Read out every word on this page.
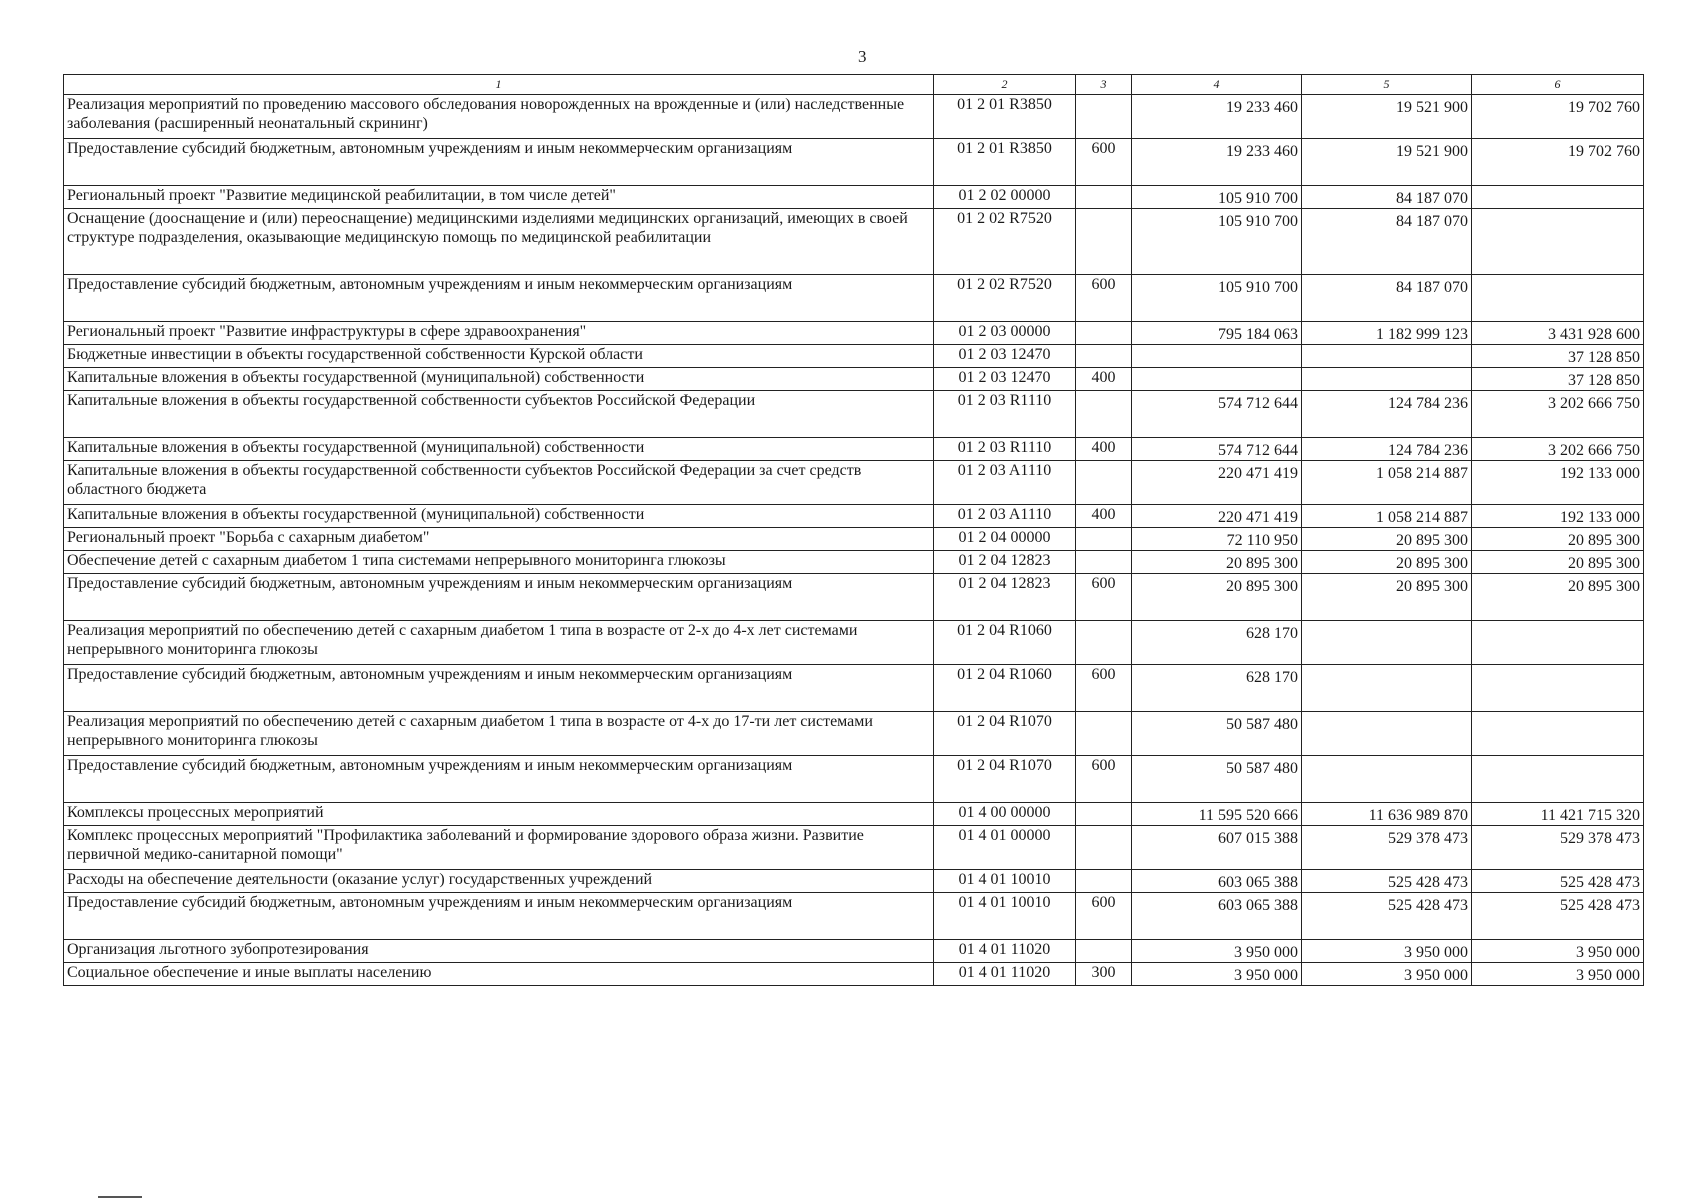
3
1	2	3	4	5	6
Реализация мероприятий по проведению массового обследования новорожденных на врожденные и (или) наследственные заболевания (расширенный неонатальный скрининг)	01 2 01 R3850		19 233 460	19 521 900	19 702 760
Предоставление субсидий бюджетным, автономным учреждениям и иным некоммерческим организациям	01 2 01 R3850	600	19 233 460	19 521 900	19 702 760
Региональный проект "Развитие медицинской реабилитации, в том числе детей"	01 2 02 00000		105 910 700	84 187 070	
Оснащение (дооснащение и (или) переоснащение) медицинскими изделиями медицинских организаций, имеющих в своей структуре подразделения, оказывающие медицинскую помощь по медицинской реабилитации	01 2 02 R7520		105 910 700	84 187 070	
Предоставление субсидий бюджетным, автономным учреждениям и иным некоммерческим организациям	01 2 02 R7520	600	105 910 700	84 187 070	
Региональный проект "Развитие инфраструктуры в сфере здравоохранения"	01 2 03 00000		795 184 063	1 182 999 123	3 431 928 600
Бюджетные инвестиции в объекты государственной собственности Курской области	01 2 03 12470				37 128 850
Капитальные вложения в объекты государственной (муниципальной) собственности	01 2 03 12470	400			37 128 850
Капитальные вложения в объекты государственной собственности субъектов Российской Федерации	01 2 03 R1110		574 712 644	124 784 236	3 202 666 750
Капитальные вложения в объекты государственной (муниципальной) собственности	01 2 03 R1110	400	574 712 644	124 784 236	3 202 666 750
Капитальные вложения в объекты государственной собственности субъектов Российской Федерации за счет средств областного бюджета	01 2 03 A1110		220 471 419	1 058 214 887	192 133 000
Капитальные вложения в объекты государственной (муниципальной) собственности	01 2 03 A1110	400	220 471 419	1 058 214 887	192 133 000
Региональный проект "Борьба с сахарным диабетом"	01 2 04 00000		72 110 950	20 895 300	20 895 300
Обеспечение детей с сахарным диабетом 1 типа системами непрерывного мониторинга глюкозы	01 2 04 12823		20 895 300	20 895 300	20 895 300
Предоставление субсидий бюджетным, автономным учреждениям и иным некоммерческим организациям	01 2 04 12823	600	20 895 300	20 895 300	20 895 300
Реализация мероприятий по обеспечению детей с сахарным диабетом 1 типа в возрасте от 2-х до 4-х лет системами непрерывного мониторинга глюкозы	01 2 04 R1060		628 170		
Предоставление субсидий бюджетным, автономным учреждениям и иным некоммерческим организациям	01 2 04 R1060	600	628 170		
Реализация мероприятий по обеспечению детей с сахарным диабетом 1 типа в возрасте от 4-х до 17-ти лет системами непрерывного мониторинга глюкозы	01 2 04 R1070		50 587 480		
Предоставление субсидий бюджетным, автономным учреждениям и иным некоммерческим организациям	01 2 04 R1070	600	50 587 480		
Комплексы процессных мероприятий	01 4 00 00000		11 595 520 666	11 636 989 870	11 421 715 320
Комплекс процессных мероприятий "Профилактика заболеваний и формирование здорового образа жизни. Развитие первичной медико-санитарной помощи"	01 4 01 00000		607 015 388	529 378 473	529 378 473
Расходы на обеспечение деятельности (оказание услуг) государственных учреждений	01 4 01 10010		603 065 388	525 428 473	525 428 473
Предоставление субсидий бюджетным, автономным учреждениям и иным некоммерческим организациям	01 4 01 10010	600	603 065 388	525 428 473	525 428 473
Организация льготного зубопротезирования	01 4 01 11020		3 950 000	3 950 000	3 950 000
Социальное обеспечение и иные выплаты населению	01 4 01 11020	300	3 950 000	3 950 000	3 950 000
